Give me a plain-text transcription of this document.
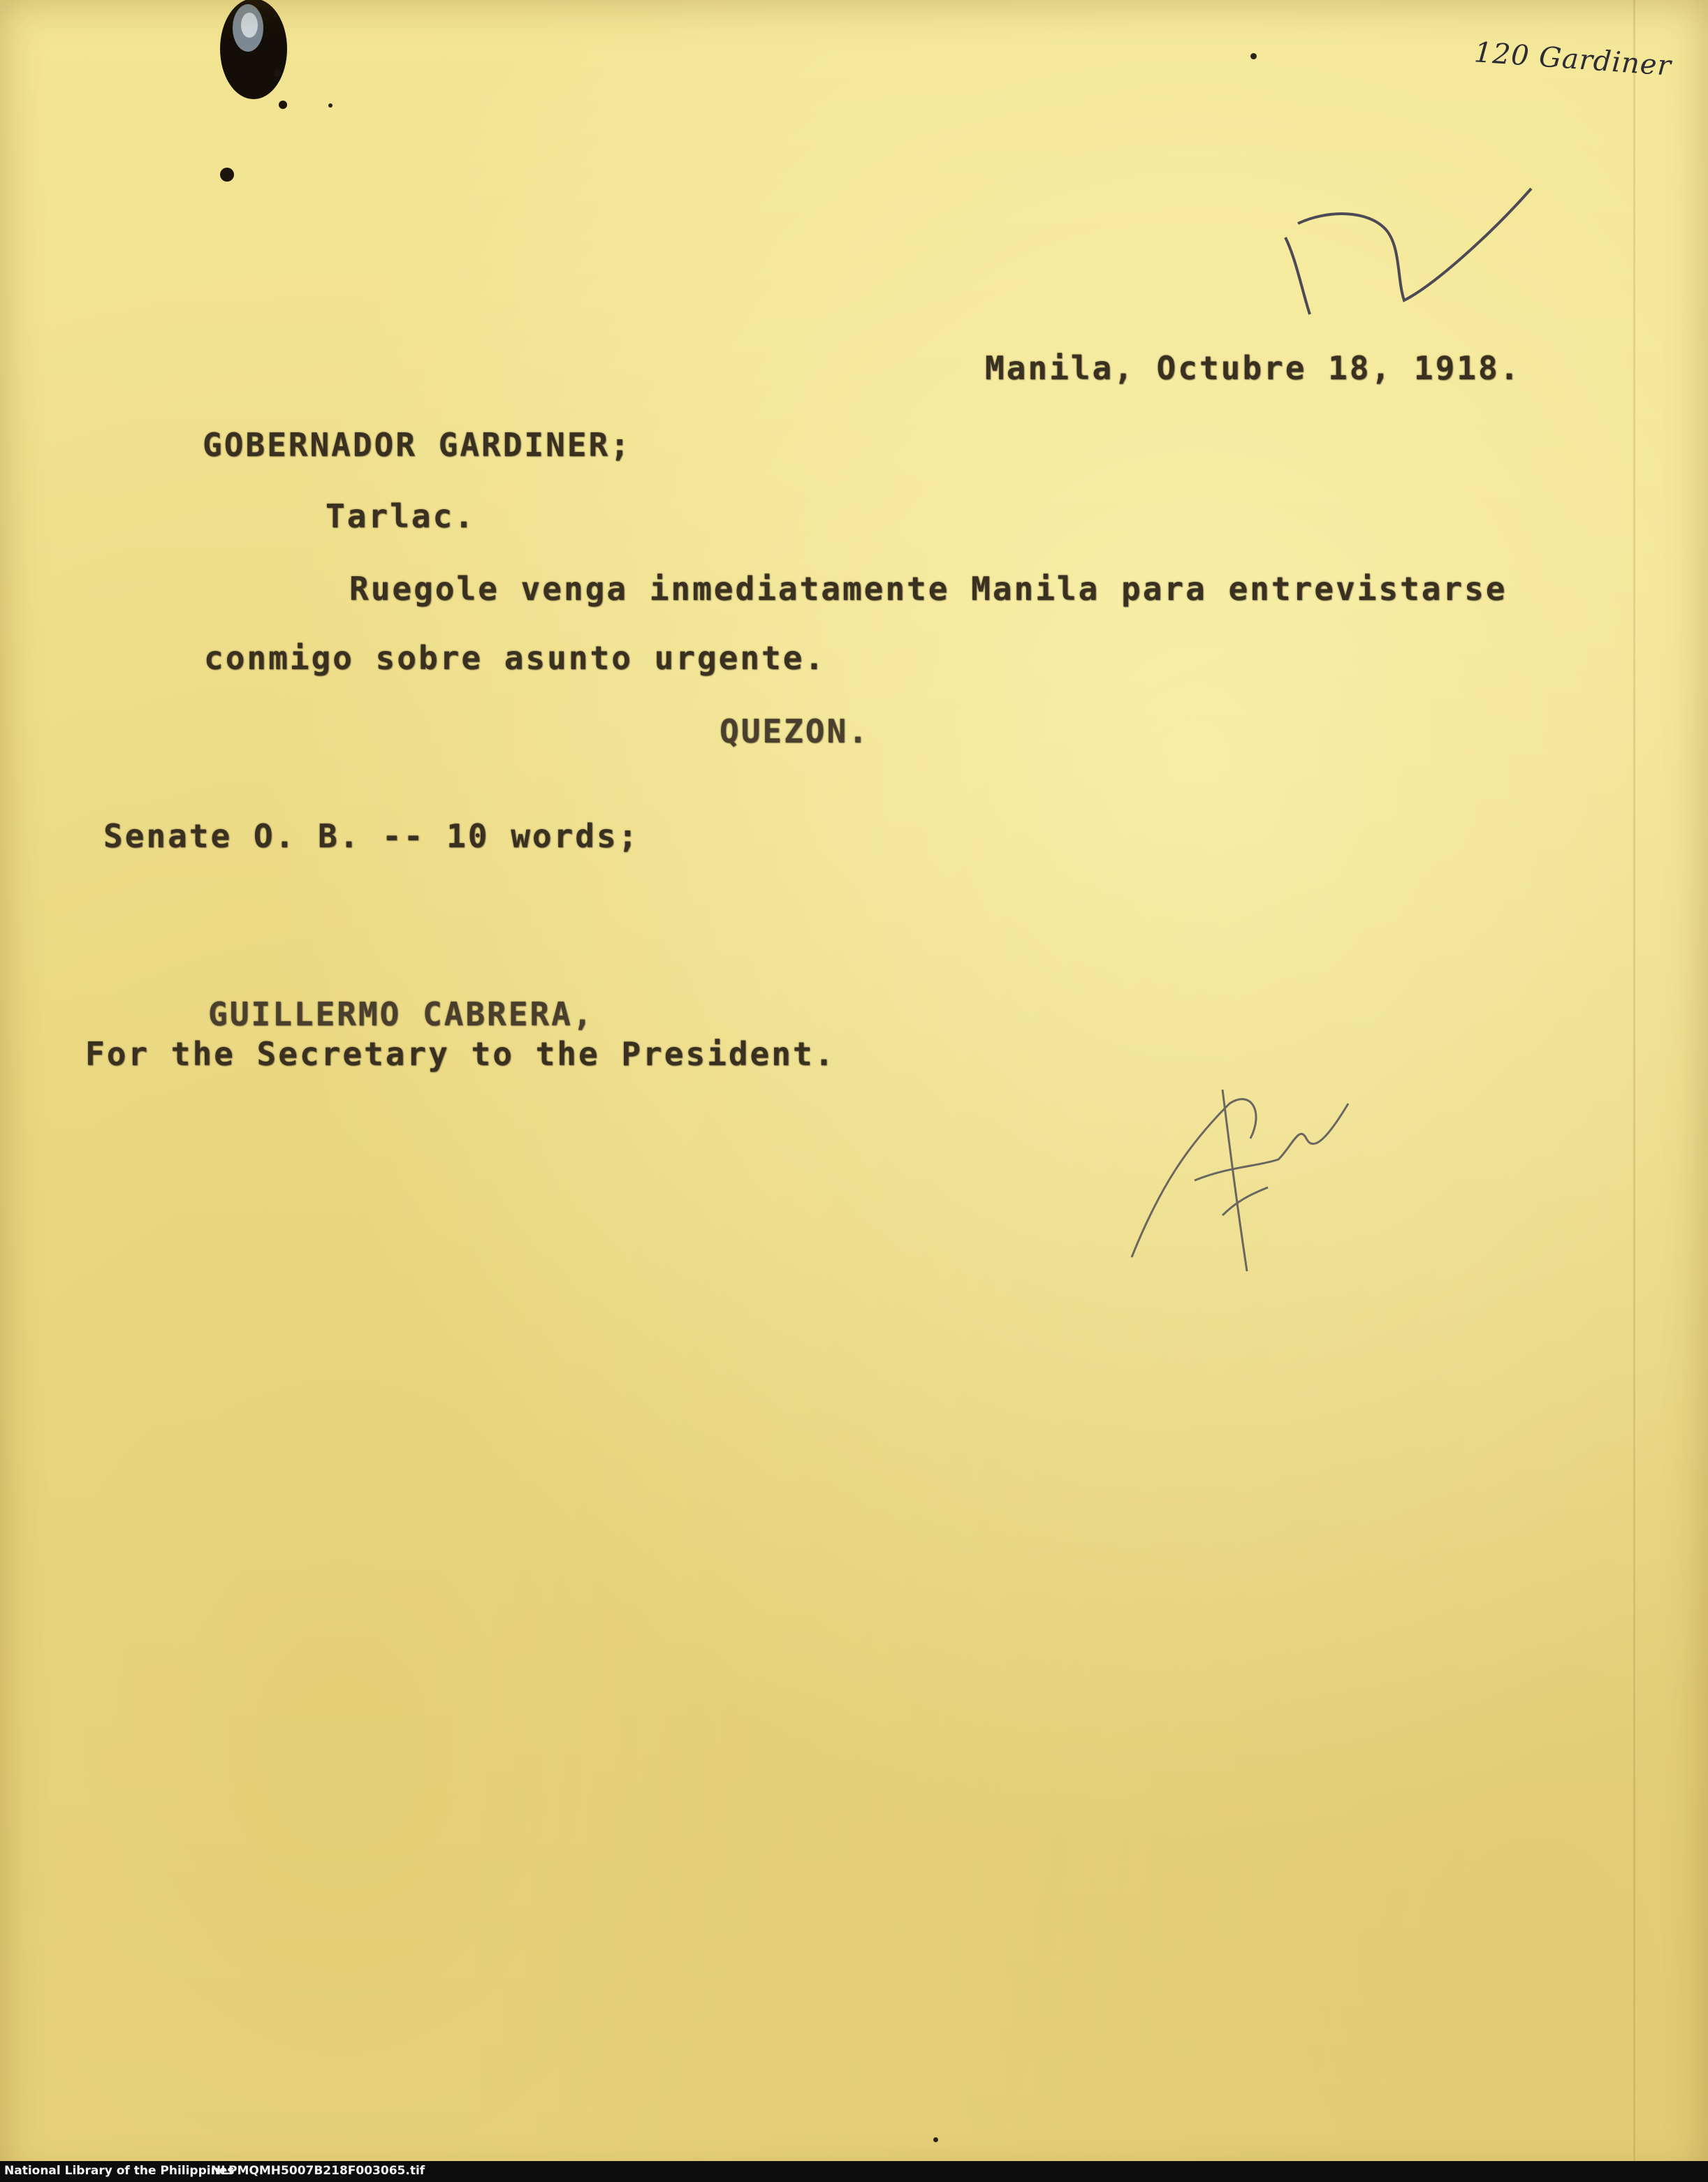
120 Gardiner
Manila, Octubre 18, 1918.
GOBERNADOR GARDINER;
Tarlac.
Ruegole venga inmediatamente Manila para entrevistarse
conmigo sobre asunto urgente.
QUEZON.
Senate O. B. -- 10 words;
GUILLERMO CABRERA,
For the Secretary to the President.
National Library of the Philippines
NLPMQMH5007B218F003065.tif
